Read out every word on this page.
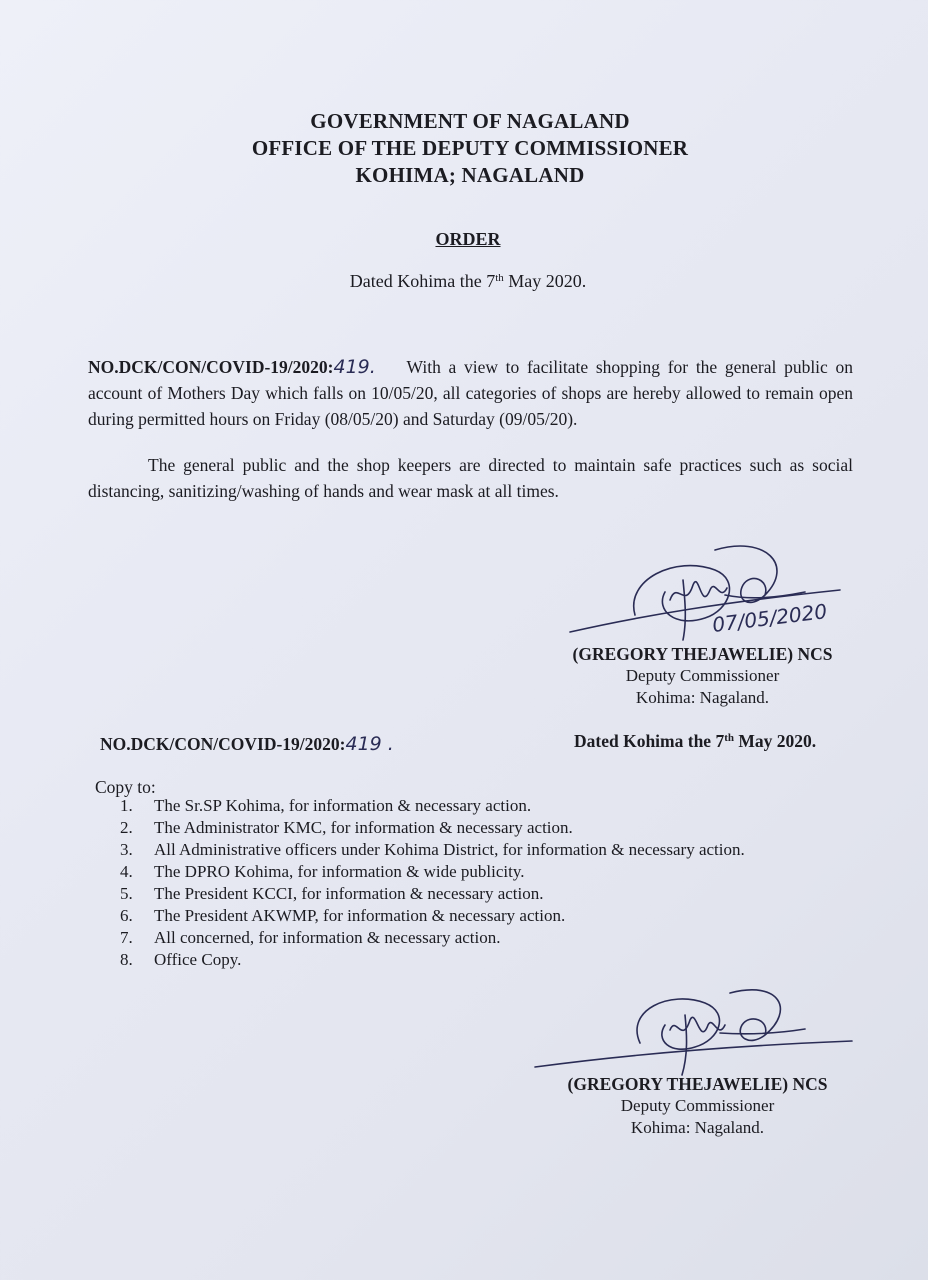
GOVERNMENT OF NAGALAND
OFFICE OF THE DEPUTY COMMISSIONER
KOHIMA; NAGALAND
ORDER
Dated Kohima the 7th May 2020.
NO.DCK/CON/COVID-19/2020:419. With a view to facilitate shopping for the general public on account of Mothers Day which falls on 10/05/20, all categories of shops are hereby allowed to remain open during permitted hours on Friday (08/05/20) and Saturday (09/05/20).
The general public and the shop keepers are directed to maintain safe practices such as social distancing, sanitizing/washing of hands and wear mask at all times.
07/05/2020
(GREGORY THEJAWELIE) NCS
Deputy Commissioner
Kohima: Nagaland.
NO.DCK/CON/COVID-19/2020:419 .	Dated Kohima the 7th May 2020.
Copy to:
1. The Sr.SP Kohima, for information & necessary action.
2. The Administrator KMC, for information & necessary action.
3. All Administrative officers under Kohima District, for information & necessary action.
4. The DPRO Kohima, for information & wide publicity.
5. The President KCCI, for information & necessary action.
6. The President AKWMP, for information & necessary action.
7. All concerned, for information & necessary action.
8. Office Copy.
(GREGORY THEJAWELIE) NCS
Deputy Commissioner
Kohima: Nagaland.
